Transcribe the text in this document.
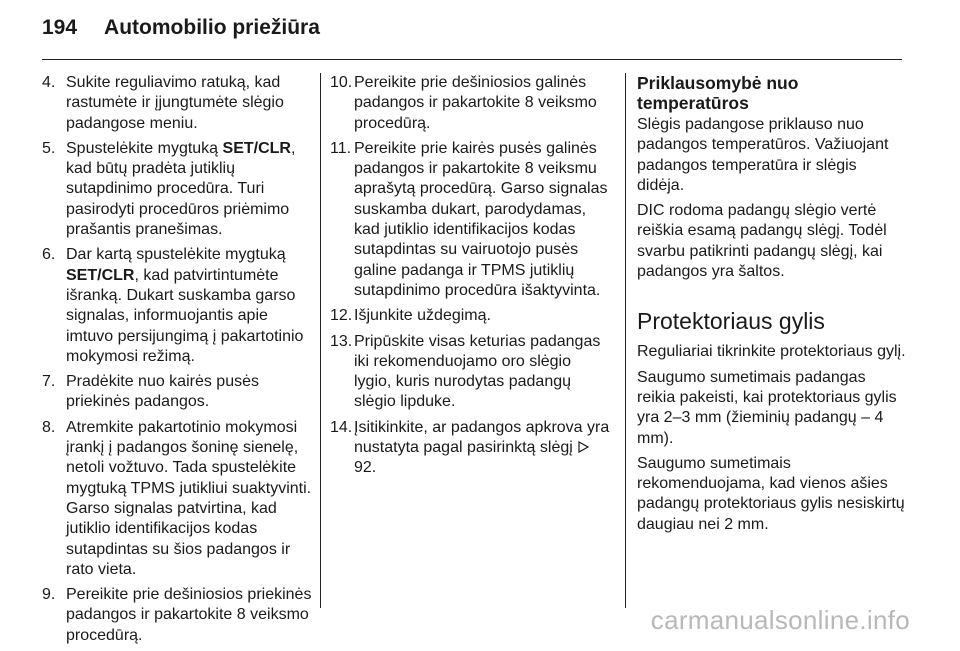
194 Automobilio priežiūra
4. Sukite reguliavimo ratuką, kad rastumėte ir įjungtumėte slėgio padangose meniu.
5. Spustelėkite mygtuką SET/CLR, kad būtų pradėta jutiklių sutapdinimo procedūra. Turi pasirodyti procedūros priėmimo prašantis pranešimas.
6. Dar kartą spustelėkite mygtuką SET/CLR, kad patvirtintumėte išranką. Dukart suskamba garso signalas, informuojantis apie imtuvo persijungimą į pakartotinio mokymosi režimą.
7. Pradėkite nuo kairės pusės priekinės padangos.
8. Atremkite pakartotinio mokymosi įrankį į padangos šoninę sienelę, netoli vožtuvo. Tada spustelėkite mygtuką TPMS jutikliui suaktyvinti. Garso signalas patvirtina, kad jutiklio identifikacijos kodas sutapdintas su šios padangos ir rato vieta.
9. Pereikite prie dešiniosios priekinės padangos ir pakartokite 8 veiksmo procedūrą.
10. Pereikite prie dešiniosios galinės padangos ir pakartokite 8 veiksmo procedūrą.
11. Pereikite prie kairės pusės galinės padangos ir pakartokite 8 veiksmu aprašytą procedūrą. Garso signalas suskamba dukart, parodydamas, kad jutiklio identifikacijos kodas sutapdintas su vairuotojo pusės galine padanga ir TPMS jutiklių sutapdinimo procedūra išaktyvinta.
12. Išjunkite uždegimą.
13. Pripūskite visas keturias padangas iki rekomenduojamo oro slėgio lygio, kuris nurodytas padangų slėgio lipduke.
14. Įsitikinkite, ar padangos apkrova yra nustatyta pagal pasirinktą slėgį  92.
Priklausomybė nuo temperatūros

Slėgis padangose priklauso nuo padangos temperatūros. Važiuojant padangos temperatūra ir slėgis didėja.

DIC rodoma padangų slėgio vertė reiškia esamą padangų slėgį. Todėl svarbu patikrinti padangų slėgį, kai padangos yra šaltos.

Protektoriaus gylis

Reguliariai tikrinkite protektoriaus gylį.

Saugumo sumetimais padangas reikia pakeisti, kai protektoriaus gylis yra 2–3 mm (žieminių padangų – 4 mm).

Saugumo sumetimais rekomenduojama, kad vienos ašies padangų protektoriaus gylis nesiskirtų daugiau nei 2 mm.

carmanualsonline.info
